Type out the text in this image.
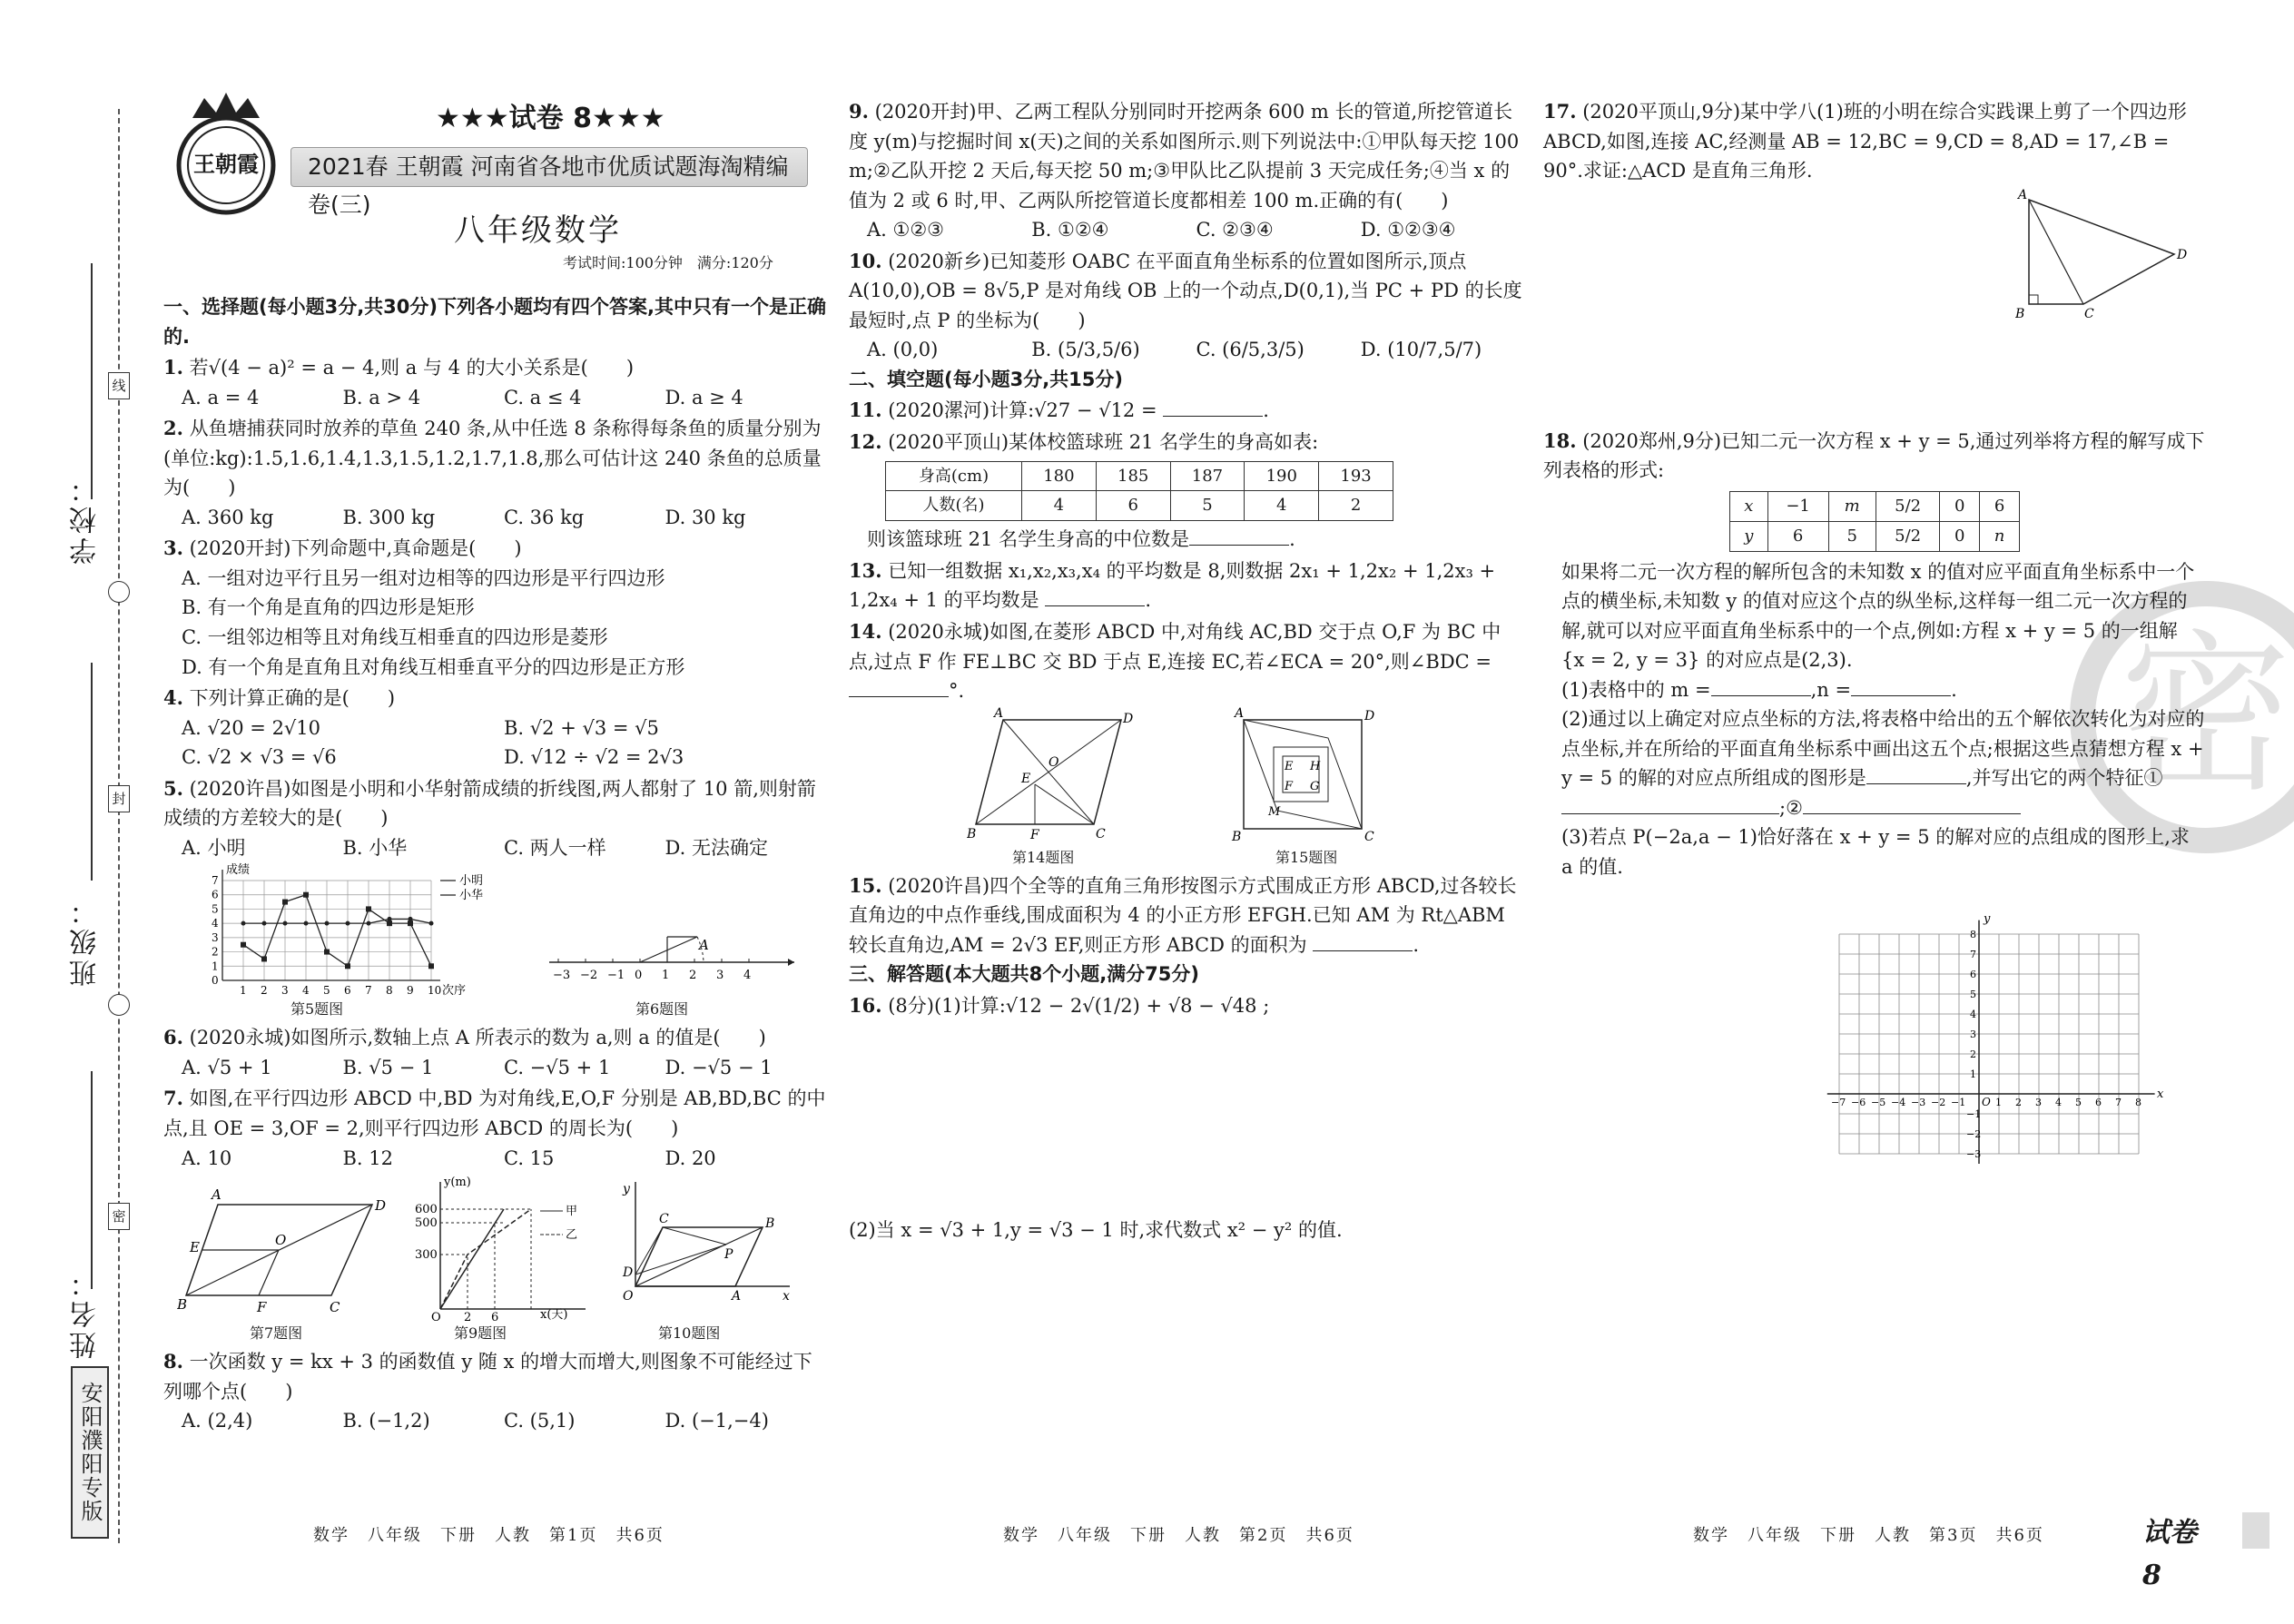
线
封
密
学校：
班级：
姓名：
安阳濮阳专版
王朝霞
★★★试卷 8★★★
2021春 王朝霞 河南省各地市优质试题海淘精编卷(三)
八年级数学
考试时间:100分钟　满分:120分
一、选择题(每小题3分,共30分)下列各小题均有四个答案,其中只有一个是正确的.
1. 若√(4 − a)² = a − 4,则 a 与 4 的大小关系是(　　)
A. a = 4	B. a > 4	C. a ≤ 4	D. a ≥ 4
2. 从鱼塘捕获同时放养的草鱼 240 条,从中任选 8 条称得每条鱼的质量分别为(单位:kg):1.5,1.6,1.4,1.3,1.5,1.2,1.7,1.8,那么可估计这 240 条鱼的总质量为(　　)
A. 360 kg	B. 300 kg	C. 36 kg	D. 30 kg
3. (2020开封)下列命题中,真命题是(　　)
A. 一组对边平行且另一组对边相等的四边形是平行四边形
B. 有一个角是直角的四边形是矩形
C. 一组邻边相等且对角线互相垂直的四边形是菱形
D. 有一个角是直角且对角线互相垂直平分的四边形是正方形
4. 下列计算正确的是(　　)
A. √20 = 2√10	B. √2 + √3 = √5
C. √2 × √3 = √6	D. √12 ÷ √2 = 2√3
5. (2020许昌)如图是小明和小华射箭成绩的折线图,两人都射了 10 箭,则射箭成绩的方差较大的是(　　)
A. 小明	B. 小华	C. 两人一样	D. 无法确定
0
1
2
3
4
5
6
7
1 2 3 4 5 6 7 8 9 10
成绩
次序
小明
小华
第5题图
−3 −2 −1 0 1 2 3 4
A
第6题图
6. (2020永城)如图所示,数轴上点 A 所表示的数为 a,则 a 的值是(　　)
A. √5 + 1	B. √5 − 1	C. −√5 + 1	D. −√5 − 1
7. 如图,在平行四边形 ABCD 中,BD 为对角线,E,O,F 分别是 AB,BD,BC 的中点,且 OE = 3,OF = 2,则平行四边形 ABCD 的周长为(　　)
A. 10	B. 12	C. 15	D. 20
A
D
B	C
E	O
F
第7题图
600
500
300
O 2 6
y(m)
x(天)
甲
乙
第9题图
y
x
O
C	B
A
P
D
第10题图
8. 一次函数 y = kx + 3 的函数值 y 随 x 的增大而增大,则图象不可能经过下列哪个点(　　)
A. (2,4)	B. (−1,2)	C. (5,1)	D. (−1,−4)
数学　八年级　下册　人教　第1页　共6页
9. (2020开封)甲、乙两工程队分别同时开挖两条 600 m 长的管道,所挖管道长度 y(m)与挖掘时间 x(天)之间的关系如图所示.则下列说法中:①甲队每天挖 100 m;②乙队开挖 2 天后,每天挖 50 m;③甲队比乙队提前 3 天完成任务;④当 x 的值为 2 或 6 时,甲、乙两队所挖管道长度都相差 100 m.正确的有(　　)
A. ①②③	B. ①②④	C. ②③④	D. ①②③④
10. (2020新乡)已知菱形 OABC 在平面直角坐标系的位置如图所示,顶点 A(10,0),OB = 8√5,P 是对角线 OB 上的一个动点,D(0,1),当 PC + PD 的长度最短时,点 P 的坐标为(　　)
A. (0,0)	B. (5/3,5/6)	C. (6/5,3/5)	D. (10/7,5/7)
二、填空题(每小题3分,共15分)
11. (2020漯河)计算:√27 − √12 =	.
12. (2020平顶山)某体校篮球班 21 名学生的身高如表:
身高(cm)	180	185	187	190	193
人数(名)	4	6	5	4	2
则该篮球班 21 名学生身高的中位数是	.
13. 已知一组数据 x₁,x₂,x₃,x₄ 的平均数是 8,则数据 2x₁ + 1,2x₂ + 1,2x₃ + 1,2x₄ + 1 的平均数是	.
14. (2020永城)如图,在菱形 ABCD 中,对角线 AC,BD 交于点 O,F 为 BC 中点,过点 F 作 FE⊥BC 交 BD 于点 E,连接 EC,若∠ECA = 20°,则∠BDC = °.
A	D
B	C
O
E
F
第14题图
A	D
B	C
E H
F G
M
第15题图
15. (2020许昌)四个全等的直角三角形按图示方式围成正方形 ABCD,过各较长直角边的中点作垂线,围成面积为 4 的小正方形 EFGH.已知 AM 为 Rt△ABM 较长直角边,AM = 2√3 EF,则正方形 ABCD 的面积为	.
三、解答题(本大题共8个小题,满分75分)
16. (8分)(1)计算:√12 − 2√(1/2) + √8 − √48 ;
(2)当 x = √3 + 1,y = √3 − 1 时,求代数式 x² − y² 的值.
数学　八年级　下册　人教　第2页　共6页
密
17. (2020平顶山,9分)某中学八(1)班的小明在综合实践课上剪了一个四边形 ABCD,如图,连接 AC,经测量 AB = 12,BC = 9,CD = 8,AD = 17,∠B = 90°.求证:△ACD 是直角三角形.
A
B	C
D
18. (2020郑州,9分)已知二元一次方程 x + y = 5,通过列举将方程的解写成下列表格的形式:
x	−1	m	5/2	0	6
y	6	5	5/2	0	n
如果将二元一次方程的解所包含的未知数 x 的值对应平面直角坐标系中一个点的横坐标,未知数 y 的值对应这个点的纵坐标,这样每一组二元一次方程的解,就可以对应平面直角坐标系中的一个点,例如:方程 x + y = 5 的一组解 {x = 2, y = 3} 的对应点是(2,3).
(1)表格中的 m =	,n =	.
(2)通过以上确定对应点坐标的方法,将表格中给出的五个解依次转化为对应的点坐标,并在所给的平面直角坐标系中画出这五个点;根据这些点猜想方程 x + y = 5 的解的对应点所组成的图形是	,并写出它的两个特征①;②
(3)若点 P(−2a,a − 1)恰好落在 x + y = 5 的解对应的点组成的图形上,求 a 的值.
−7 −6 −5 −4 −3 −2 −1	1 2 3 4 5 6 7 8
−3
−2
−1
1
2
3
4
5
6
7
8
O
x
y
数学　八年级　下册　人教　第3页　共6页	试卷 8
